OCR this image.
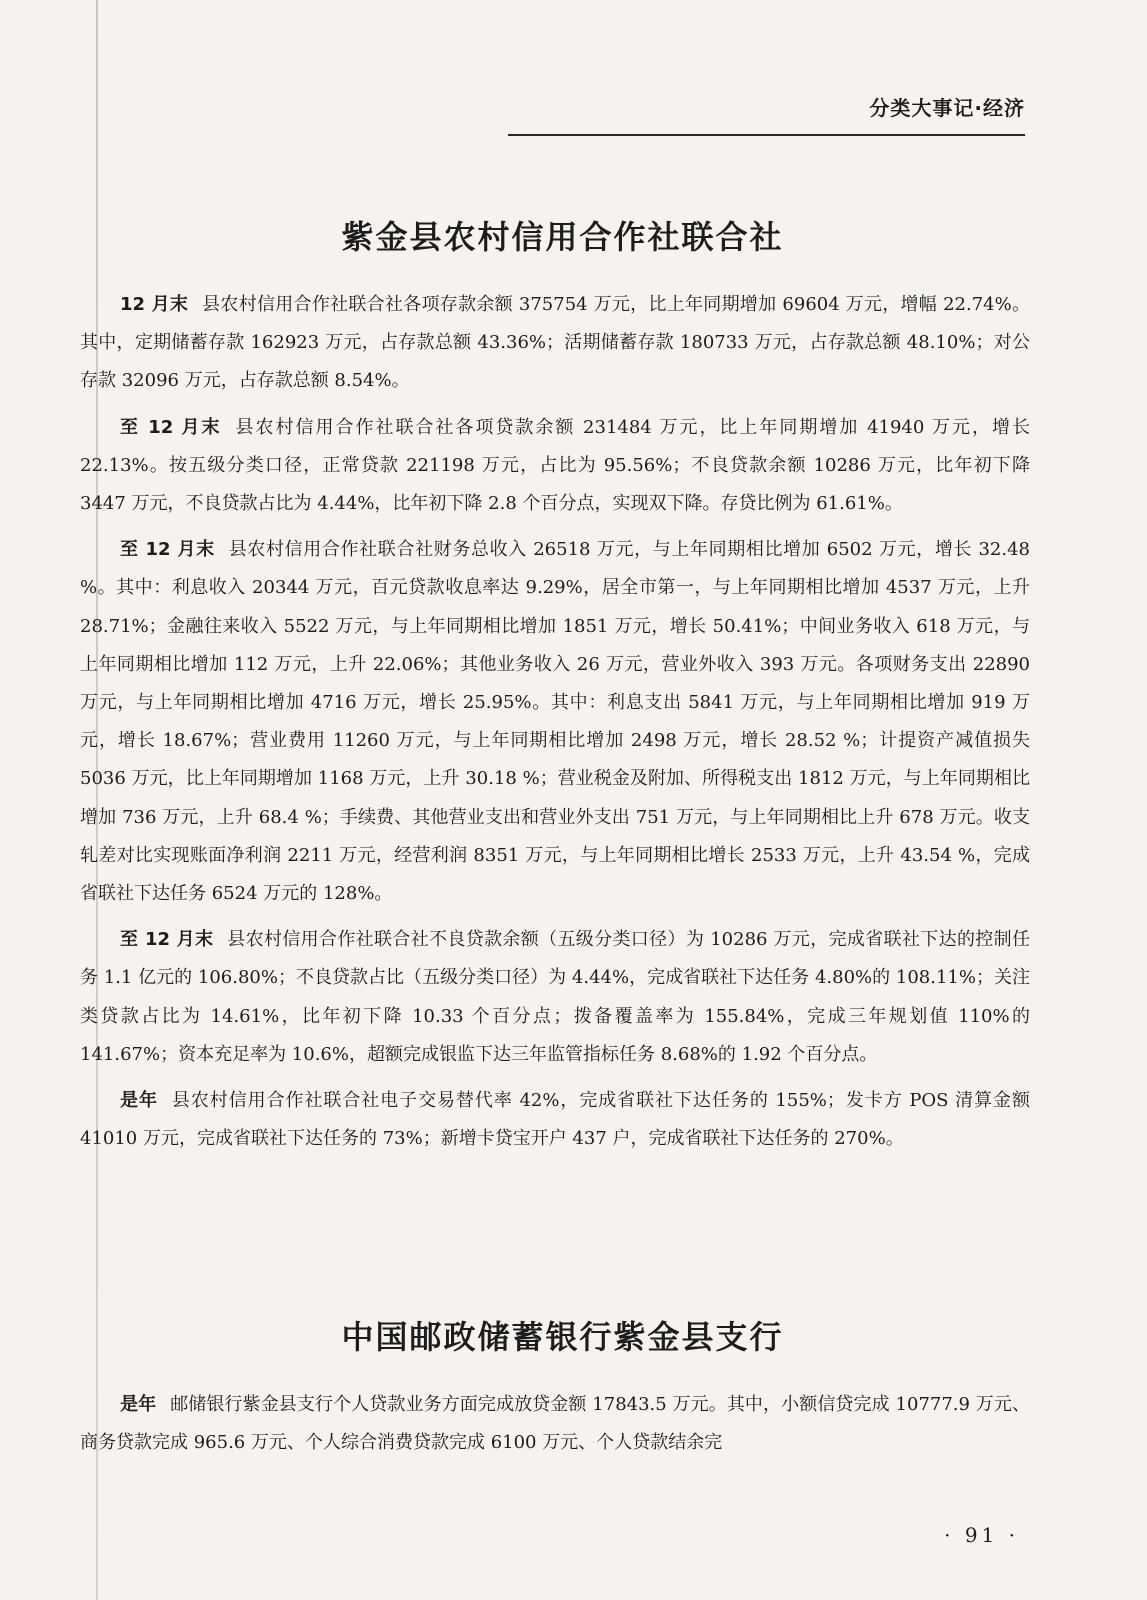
分类大事记·经济
紫金县农村信用合作社联合社

12 月末 县农村信用合作社联合社各项存款余额 375754 万元，比上年同期增加 69604 万元，增幅 22.74%。其中，定期储蓄存款 162923 万元，占存款总额 43.36%；活期储蓄存款 180733 万元，占存款总额 48.10%；对公存款 32096 万元，占存款总额 8.54%。

至 12 月末 县农村信用合作社联合社各项贷款余额 231484 万元，比上年同期增加 41940 万元，增长 22.13%。按五级分类口径，正常贷款 221198 万元，占比为 95.56%；不良贷款余额 10286 万元，比年初下降 3447 万元，不良贷款占比为 4.44%，比年初下降 2.8 个百分点，实现双下降。存贷比例为 61.61%。

至 12 月末 县农村信用合作社联合社财务总收入 26518 万元，与上年同期相比增加 6502 万元，增长 32.48 %。其中：利息收入 20344 万元，百元贷款收息率达 9.29%，居全市第一，与上年同期相比增加 4537 万元，上升 28.71%；金融往来收入 5522 万元，与上年同期相比增加 1851 万元，增长 50.41%；中间业务收入 618 万元，与上年同期相比增加 112 万元，上升 22.06%；其他业务收入 26 万元，营业外收入 393 万元。各项财务支出 22890 万元，与上年同期相比增加 4716 万元，增长 25.95%。其中：利息支出 5841 万元，与上年同期相比增加 919 万元，增长 18.67%；营业费用 11260 万元，与上年同期相比增加 2498 万元，增长 28.52 %；计提资产减值损失 5036 万元，比上年同期增加 1168 万元，上升 30.18 %；营业税金及附加、所得税支出 1812 万元，与上年同期相比增加 736 万元，上升 68.4 %；手续费、其他营业支出和营业外支出 751 万元，与上年同期相比上升 678 万元。收支轧差对比实现账面净利润 2211 万元，经营利润 8351 万元，与上年同期相比增长 2533 万元，上升 43.54 %，完成省联社下达任务 6524 万元的 128%。

至 12 月末 县农村信用合作社联合社不良贷款余额（五级分类口径）为 10286 万元，完成省联社下达的控制任务 1.1 亿元的 106.80%；不良贷款占比（五级分类口径）为 4.44%，完成省联社下达任务 4.80%的 108.11%；关注类贷款占比为 14.61%，比年初下降 10.33 个百分点；拨备覆盖率为 155.84%，完成三年规划值 110%的 141.67%；资本充足率为 10.6%，超额完成银监下达三年监管指标任务 8.68%的 1.92 个百分点。

是年 县农村信用合作社联合社电子交易替代率 42%，完成省联社下达任务的 155%；发卡方 POS 清算金额 41010 万元，完成省联社下达任务的 73%；新增卡贷宝开户 437 户，完成省联社下达任务的 270%。

中国邮政储蓄银行紫金县支行

是年 邮储银行紫金县支行个人贷款业务方面完成放贷金额 17843.5 万元。其中，小额信贷完成 10777.9 万元、商务贷款完成 965.6 万元、个人综合消费贷款完成 6100 万元、个人贷款结余完

· 91 ·
